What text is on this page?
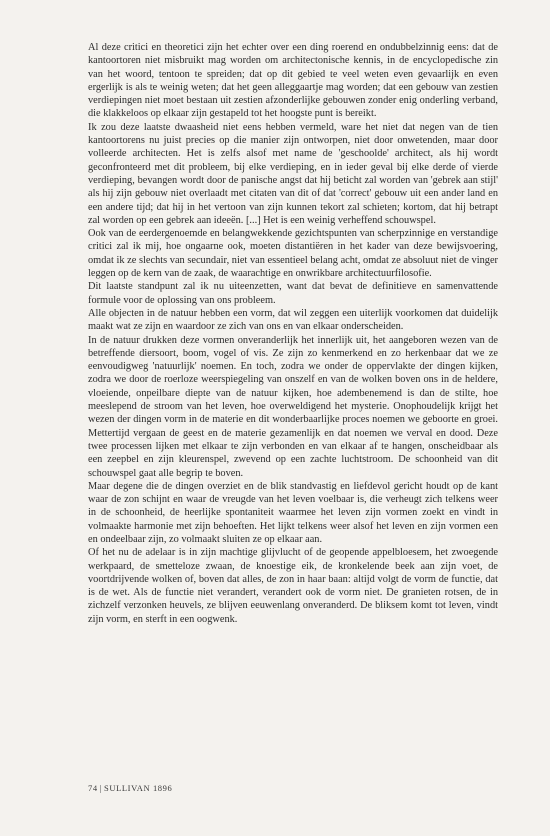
Al deze critici en theoretici zijn het echter over een ding roerend en ondubbelzinnig eens: dat de kantoortoren niet misbruikt mag worden om architectonische kennis, in de encyclopedische zin van het woord, tentoon te spreiden; dat op dit gebied te veel weten even gevaarlijk en even ergerlijk is als te weinig weten; dat het geen alleggaartje mag worden; dat een gebouw van zestien verdiepingen niet moet bestaan uit zestien afzonderlijke gebouwen zonder enig onderling verband, die klakkeloos op elkaar zijn gestapeld tot het hoogste punt is bereikt.

Ik zou deze laatste dwaasheid niet eens hebben vermeld, ware het niet dat negen van de tien kantoortorens nu juist precies op die manier zijn ontworpen, niet door onwetenden, maar door volleerde architecten. Het is zelfs alsof met name de 'geschoolde' architect, als hij wordt geconfronteerd met dit probleem, bij elke verdieping, en in ieder geval bij elke derde of vierde verdieping, bevangen wordt door de panische angst dat hij beticht zal worden van 'gebrek aan stijl' als hij zijn gebouw niet overlaadt met citaten van dit of dat 'correct' gebouw uit een ander land en een andere tijd; dat hij in het vertoon van zijn kunnen tekort zal schieten; kortom, dat hij betrapt zal worden op een gebrek aan ideeën. [...] Het is een weinig verheffend schouwspel.

Ook van de eerdergenoemde en belangwekkende gezichtspunten van scherpzinnige en verstandige critici zal ik mij, hoe ongaarne ook, moeten distantiëren in het kader van deze bewijsvoering, omdat ik ze slechts van secundair, niet van essentieel belang acht, omdat ze absoluut niet de vinger leggen op de kern van de zaak, de waarachtige en onwrikbare architectuurfilosofie.

Dit laatste standpunt zal ik nu uiteenzetten, want dat bevat de definitieve en samenvattende formule voor de oplossing van ons probleem.

Alle objecten in de natuur hebben een vorm, dat wil zeggen een uiterlijk voorkomen dat duidelijk maakt wat ze zijn en waardoor ze zich van ons en van elkaar onderscheiden.

In de natuur drukken deze vormen onveranderlijk het innerlijk uit, het aangeboren wezen van de betreffende diersoort, boom, vogel of vis. Ze zijn zo kenmerkend en zo herkenbaar dat we ze eenvoudigweg 'natuurlijk' noemen. En toch, zodra we onder de oppervlakte der dingen kijken, zodra we door de roerloze weerspiegeling van onszelf en van de wolken boven ons in de heldere, vloeiende, onpeilbare diepte van de natuur kijken, hoe adembenemend is dan de stilte, hoe meeslepend de stroom van het leven, hoe overweldigend het mysterie. Onophoudelijk krijgt het wezen der dingen vorm in de materie en dit wonderbaarlijke proces noemen we geboorte en groei. Mettertijd vergaan de geest en de materie gezamenlijk en dat noemen we verval en dood. Deze twee processen lijken met elkaar te zijn verbonden en van elkaar af te hangen, onscheidbaar als een zeepbel en zijn kleurenspel, zwevend op een zachte luchtstroom. De schoonheid van dit schouwspel gaat alle begrip te boven.

Maar degene die de dingen overziet en de blik standvastig en liefdevol gericht houdt op de kant waar de zon schijnt en waar de vreugde van het leven voelbaar is, die verheugt zich telkens weer in de schoonheid, de heerlijke spontaniteit waarmee het leven zijn vormen zoekt en vindt in volmaakte harmonie met zijn behoeften. Het lijkt telkens weer alsof het leven en zijn vormen een en ondeelbaar zijn, zo volmaakt sluiten ze op elkaar aan.

Of het nu de adelaar is in zijn machtige glijvlucht of de geopende appelbloesem, het zwoegende werkpaard, de smetteloze zwaan, de knoestige eik, de kronkelende beek aan zijn voet, de voortdrijvende wolken of, boven dat alles, de zon in haar baan: altijd volgt de vorm de functie, dat is de wet. Als de functie niet verandert, verandert ook de vorm niet. De granieten rotsen, de in zichzelf verzonken heuvels, ze blijven eeuwenlang onveranderd. De bliksem komt tot leven, vindt zijn vorm, en sterft in een oogwenk.

74 | SULLIVAN 1896
